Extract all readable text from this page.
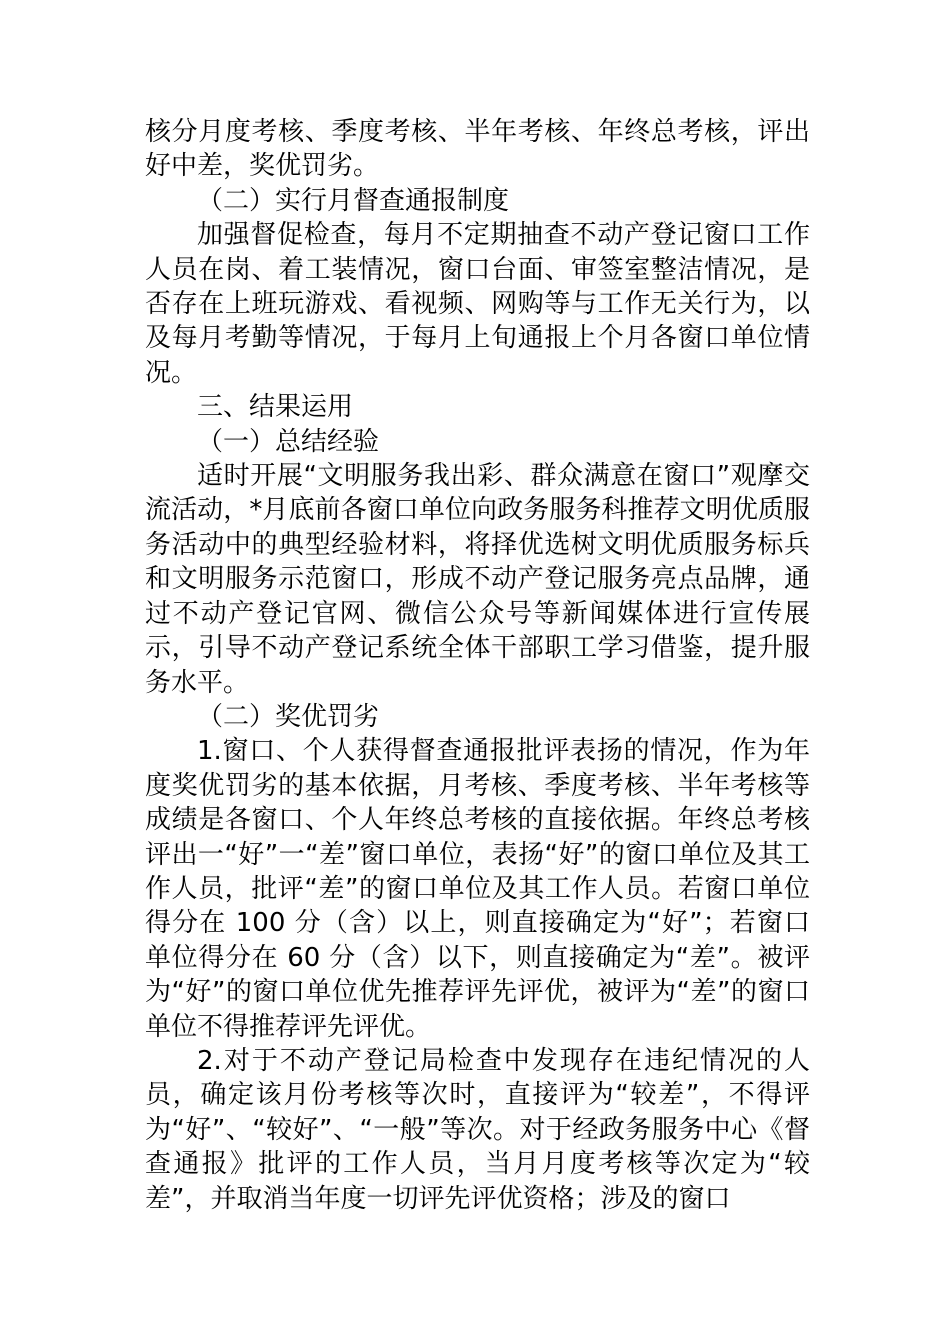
核分月度考核、季度考核、半年考核、年终总考核，评出好中差，奖优罚劣。

（二）实行月督查通报制度

加强督促检查，每月不定期抽查不动产登记窗口工作人员在岗、着工装情况，窗口台面、审签室整洁情况，是否存在上班玩游戏、看视频、网购等与工作无关行为，以及每月考勤等情况，于每月上旬通报上个月各窗口单位情况。

三、结果运用

（一）总结经验

适时开展“文明服务我出彩、群众满意在窗口”观摩交流活动，*月底前各窗口单位向政务服务科推荐文明优质服务活动中的典型经验材料，将择优选树文明优质服务标兵和文明服务示范窗口，形成不动产登记服务亮点品牌，通过不动产登记官网、微信公众号等新闻媒体进行宣传展示，引导不动产登记系统全体干部职工学习借鉴，提升服务水平。

（二）奖优罚劣

1.窗口、个人获得督查通报批评表扬的情况，作为年度奖优罚劣的基本依据，月考核、季度考核、半年考核等成绩是各窗口、个人年终总考核的直接依据。年终总考核评出一“好”一“差”窗口单位，表扬“好”的窗口单位及其工作人员，批评“差”的窗口单位及其工作人员。若窗口单位得分在 100 分（含）以上，则直接确定为“好”；若窗口单位得分在 60 分（含）以下，则直接确定为“差”。被评为“好”的窗口单位优先推荐评先评优，被评为“差”的窗口单位不得推荐评先评优。

2.对于不动产登记局检查中发现存在违纪情况的人员，确定该月份考核等次时，直接评为“较差”，不得评为“好”、“较好”、“一般”等次。对于经政务服务中心《督查通报》批评的工作人员，当月月度考核等次定为“较差”，并取消当年度一切评先评优资格；涉及的窗口
